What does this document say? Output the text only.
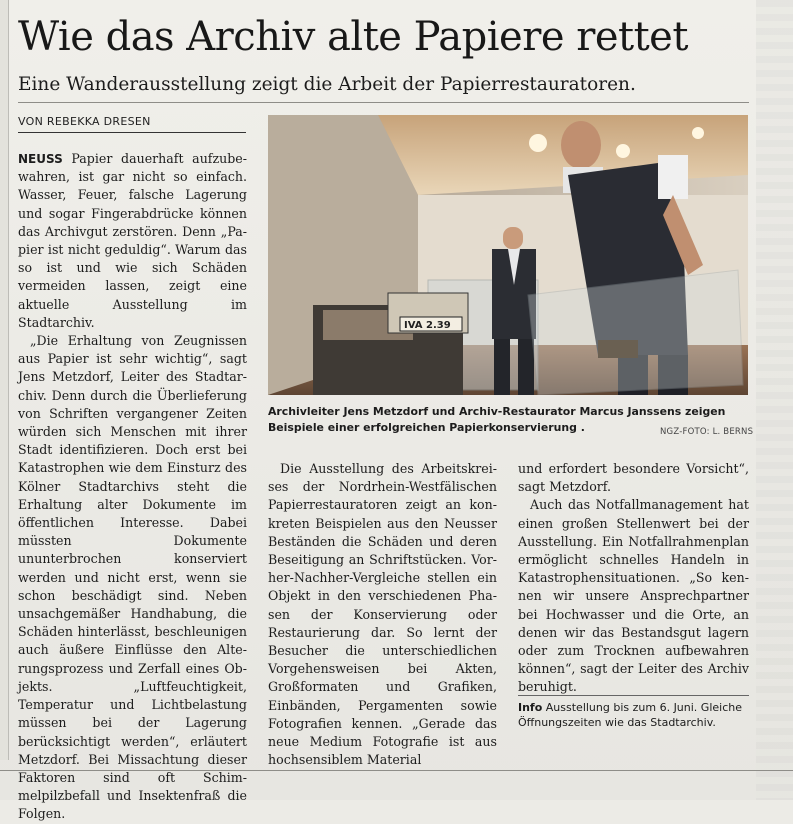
Wie das Archiv alte Papiere rettet

Eine Wanderausstellung zeigt die Arbeit der Papierrestauratoren.

VON REBEKKA DRESEN

NEUSS Papier dauerhaft aufzubewahren, ist gar nicht so einfach. Wasser, Feuer, falsche Lagerung und sogar Fingerabdrücke können das Archivgut zerstören. Denn „Papier ist nicht geduldig“. Warum das so ist und wie sich Schäden vermeiden lassen, zeigt eine aktuelle Ausstellung im Stadtarchiv.

„Die Erhaltung von Zeugnissen aus Papier ist sehr wichtig“, sagt Jens Metzdorf, Leiter des Stadtarchiv. Denn durch die Überlieferung von Schriften vergangener Zeiten würden sich Menschen mit ihrer Stadt identifizieren. Doch erst bei Katastrophen wie dem Einsturz des Kölner Stadtarchivs steht die Erhaltung alter Dokumente im öffentlichen Interesse. Dabei müssten Dokumente ununterbrochen konserviert werden und nicht erst, wenn sie schon beschädigt sind. Neben unsachgemäßer Handhabung, die Schäden hinterlässt, beschleunigen auch äußere Einflüsse den Alterungsprozess und Zerfall eines Objekts. „Luftfeuchtigkeit, Temperatur und Lichtbelastung müssen bei der Lagerung berücksichtigt werden“, erläutert Metzdorf. Bei Missachtung dieser Faktoren sind oft Schimmelpilzbefall und Insektenfraß die Folgen.

IVA 2.39
Archivleiter Jens Metzdorf und Archiv-Restaurator Marcus Janssens zeigen Beispiele einer erfolgreichen Papierkonservierung .	NGZ-FOTO: L. BERNS

Die Ausstellung des Arbeitskreises der Nordrhein-Westfälischen Papierrestauratoren zeigt an konkreten Beispielen aus den Neusser Beständen die Schäden und deren Beseitigung an Schriftstücken. Vorher-Nachher-Vergleiche stellen ein Objekt in den verschiedenen Phasen der Konservierung oder Restaurierung dar. So lernt der Besucher die unterschiedlichen Vorgehensweisen bei Akten, Großformaten und Grafiken, Einbänden, Pergamenten sowie Fotografien kennen. „Gerade das neue Medium Fotografie ist aus hochsensiblem Material

und erfordert besondere Vorsicht“, sagt Metzdorf.

Auch das Notfallmanagement hat einen großen Stellenwert bei der Ausstellung. Ein Notfallrahmenplan ermöglicht schnelles Handeln in Katastrophensituationen. „So kennen wir unsere Ansprechpartner bei Hochwasser und die Orte, an denen wir das Bestandsgut lagern oder zum Trocknen aufbewahren können“, sagt der Leiter des Archiv beruhigt.

Info Ausstellung bis zum 6. Juni. Gleiche Öffnungszeiten wie das Stadtarchiv.
